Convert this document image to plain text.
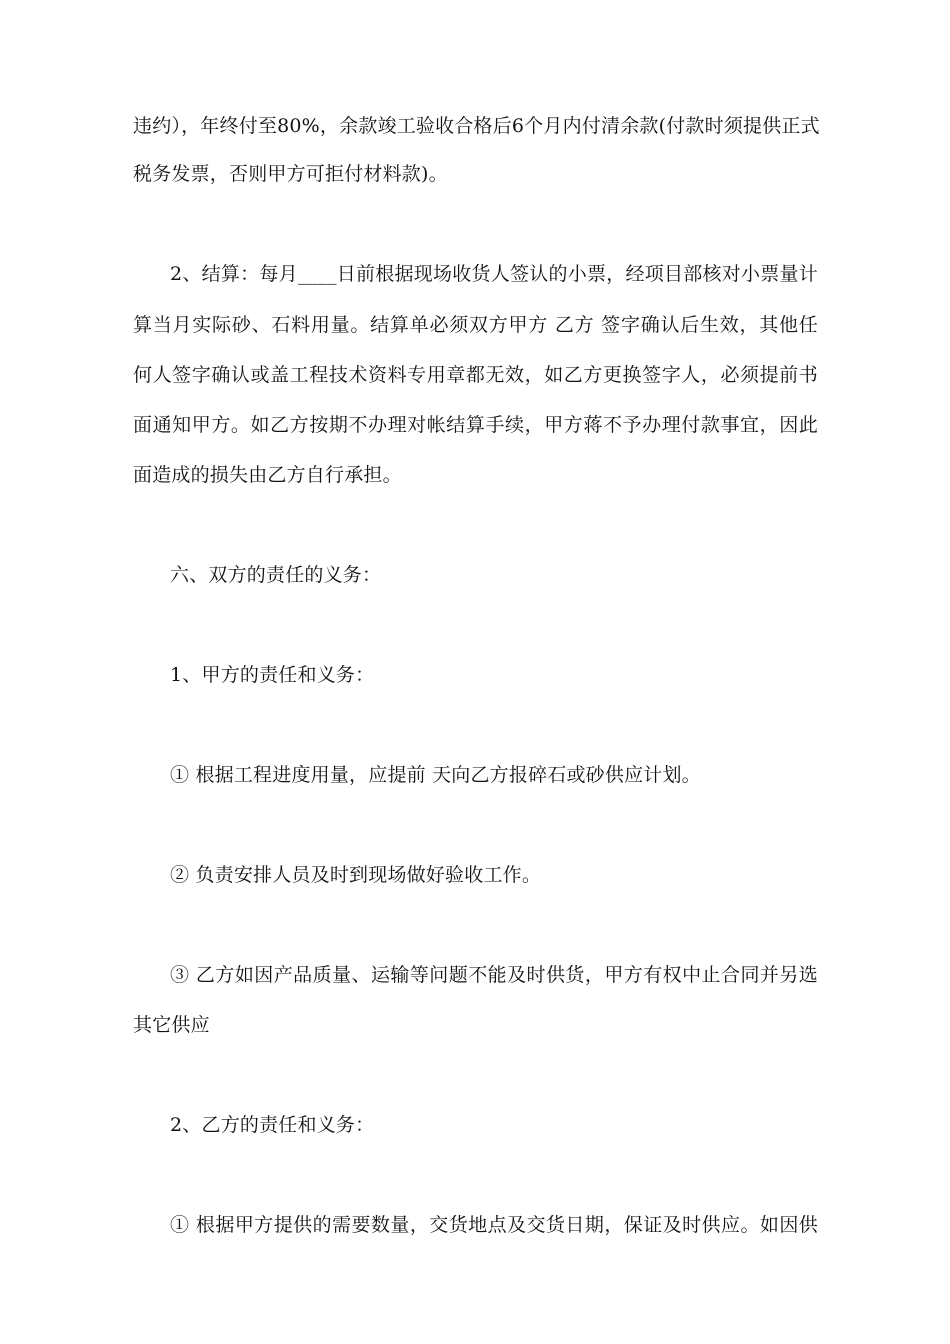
违约），年终付至80%，余款竣工验收合格后6个月内付清余款(付款时须提供正式
税务发票，否则甲方可拒付材料款)。
2、结算：每月____日前根据现场收货人签认的小票，经项目部核对小票量计
算当月实际砂、石料用量。结算单必须双方甲方 乙方 签字确认后生效，其他任
何人签字确认或盖工程技术资料专用章都无效，如乙方更换签字人，必须提前书
面通知甲方。如乙方按期不办理对帐结算手续，甲方蒋不予办理付款事宜，因此
面造成的损失由乙方自行承担。
六、双方的责任的义务：
1、甲方的责任和义务：
① 根据工程进度用量，应提前 天向乙方报碎石或砂供应计划。
② 负责安排人员及时到现场做好验收工作。
③ 乙方如因产品质量、运输等问题不能及时供货，甲方有权中止合同并另选
其它供应
2、乙方的责任和义务：
① 根据甲方提供的需要数量，交货地点及交货日期，保证及时供应。如因供
